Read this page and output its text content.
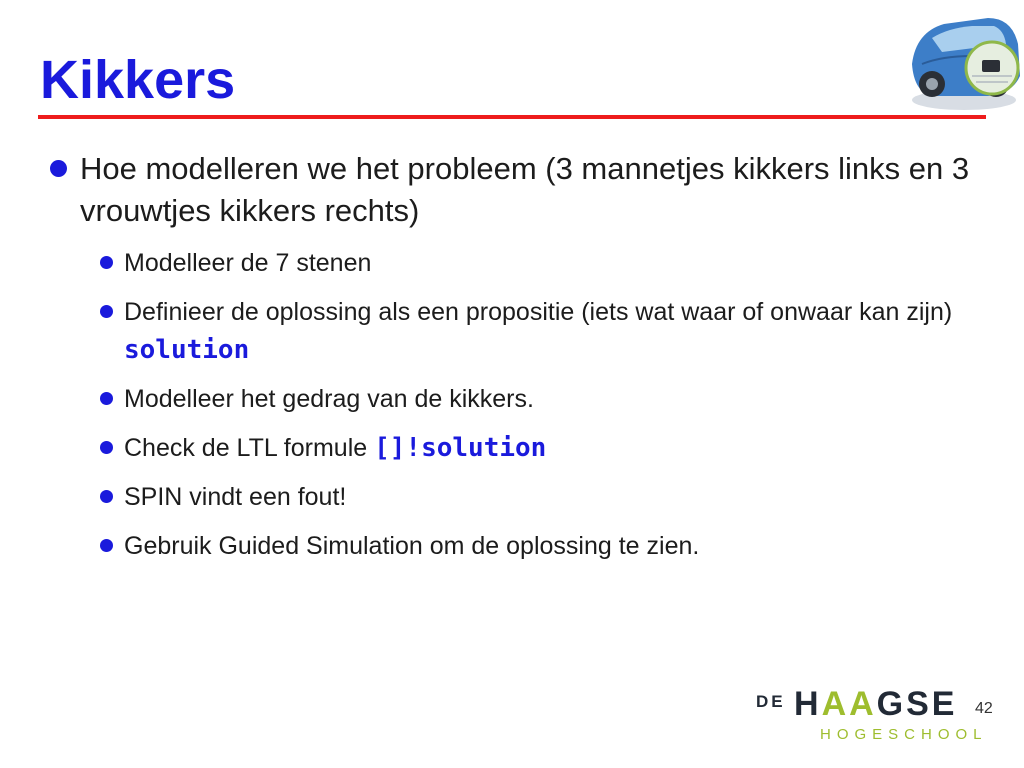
Kikkers
Hoe modelleren we het probleem (3 mannetjes kikkers links en 3 vrouwtjes kikkers rechts)
Modelleer de 7 stenen
Definieer de oplossing als een propositie (iets wat waar of onwaar kan zijn) solution
Modelleer het gedrag van de kikkers.
Check de LTL formule []!solution
SPIN vindt een fout!
Gebruik Guided Simulation om de oplossing te zien.
DE HAAGSE
HOGESCHOOL
42
